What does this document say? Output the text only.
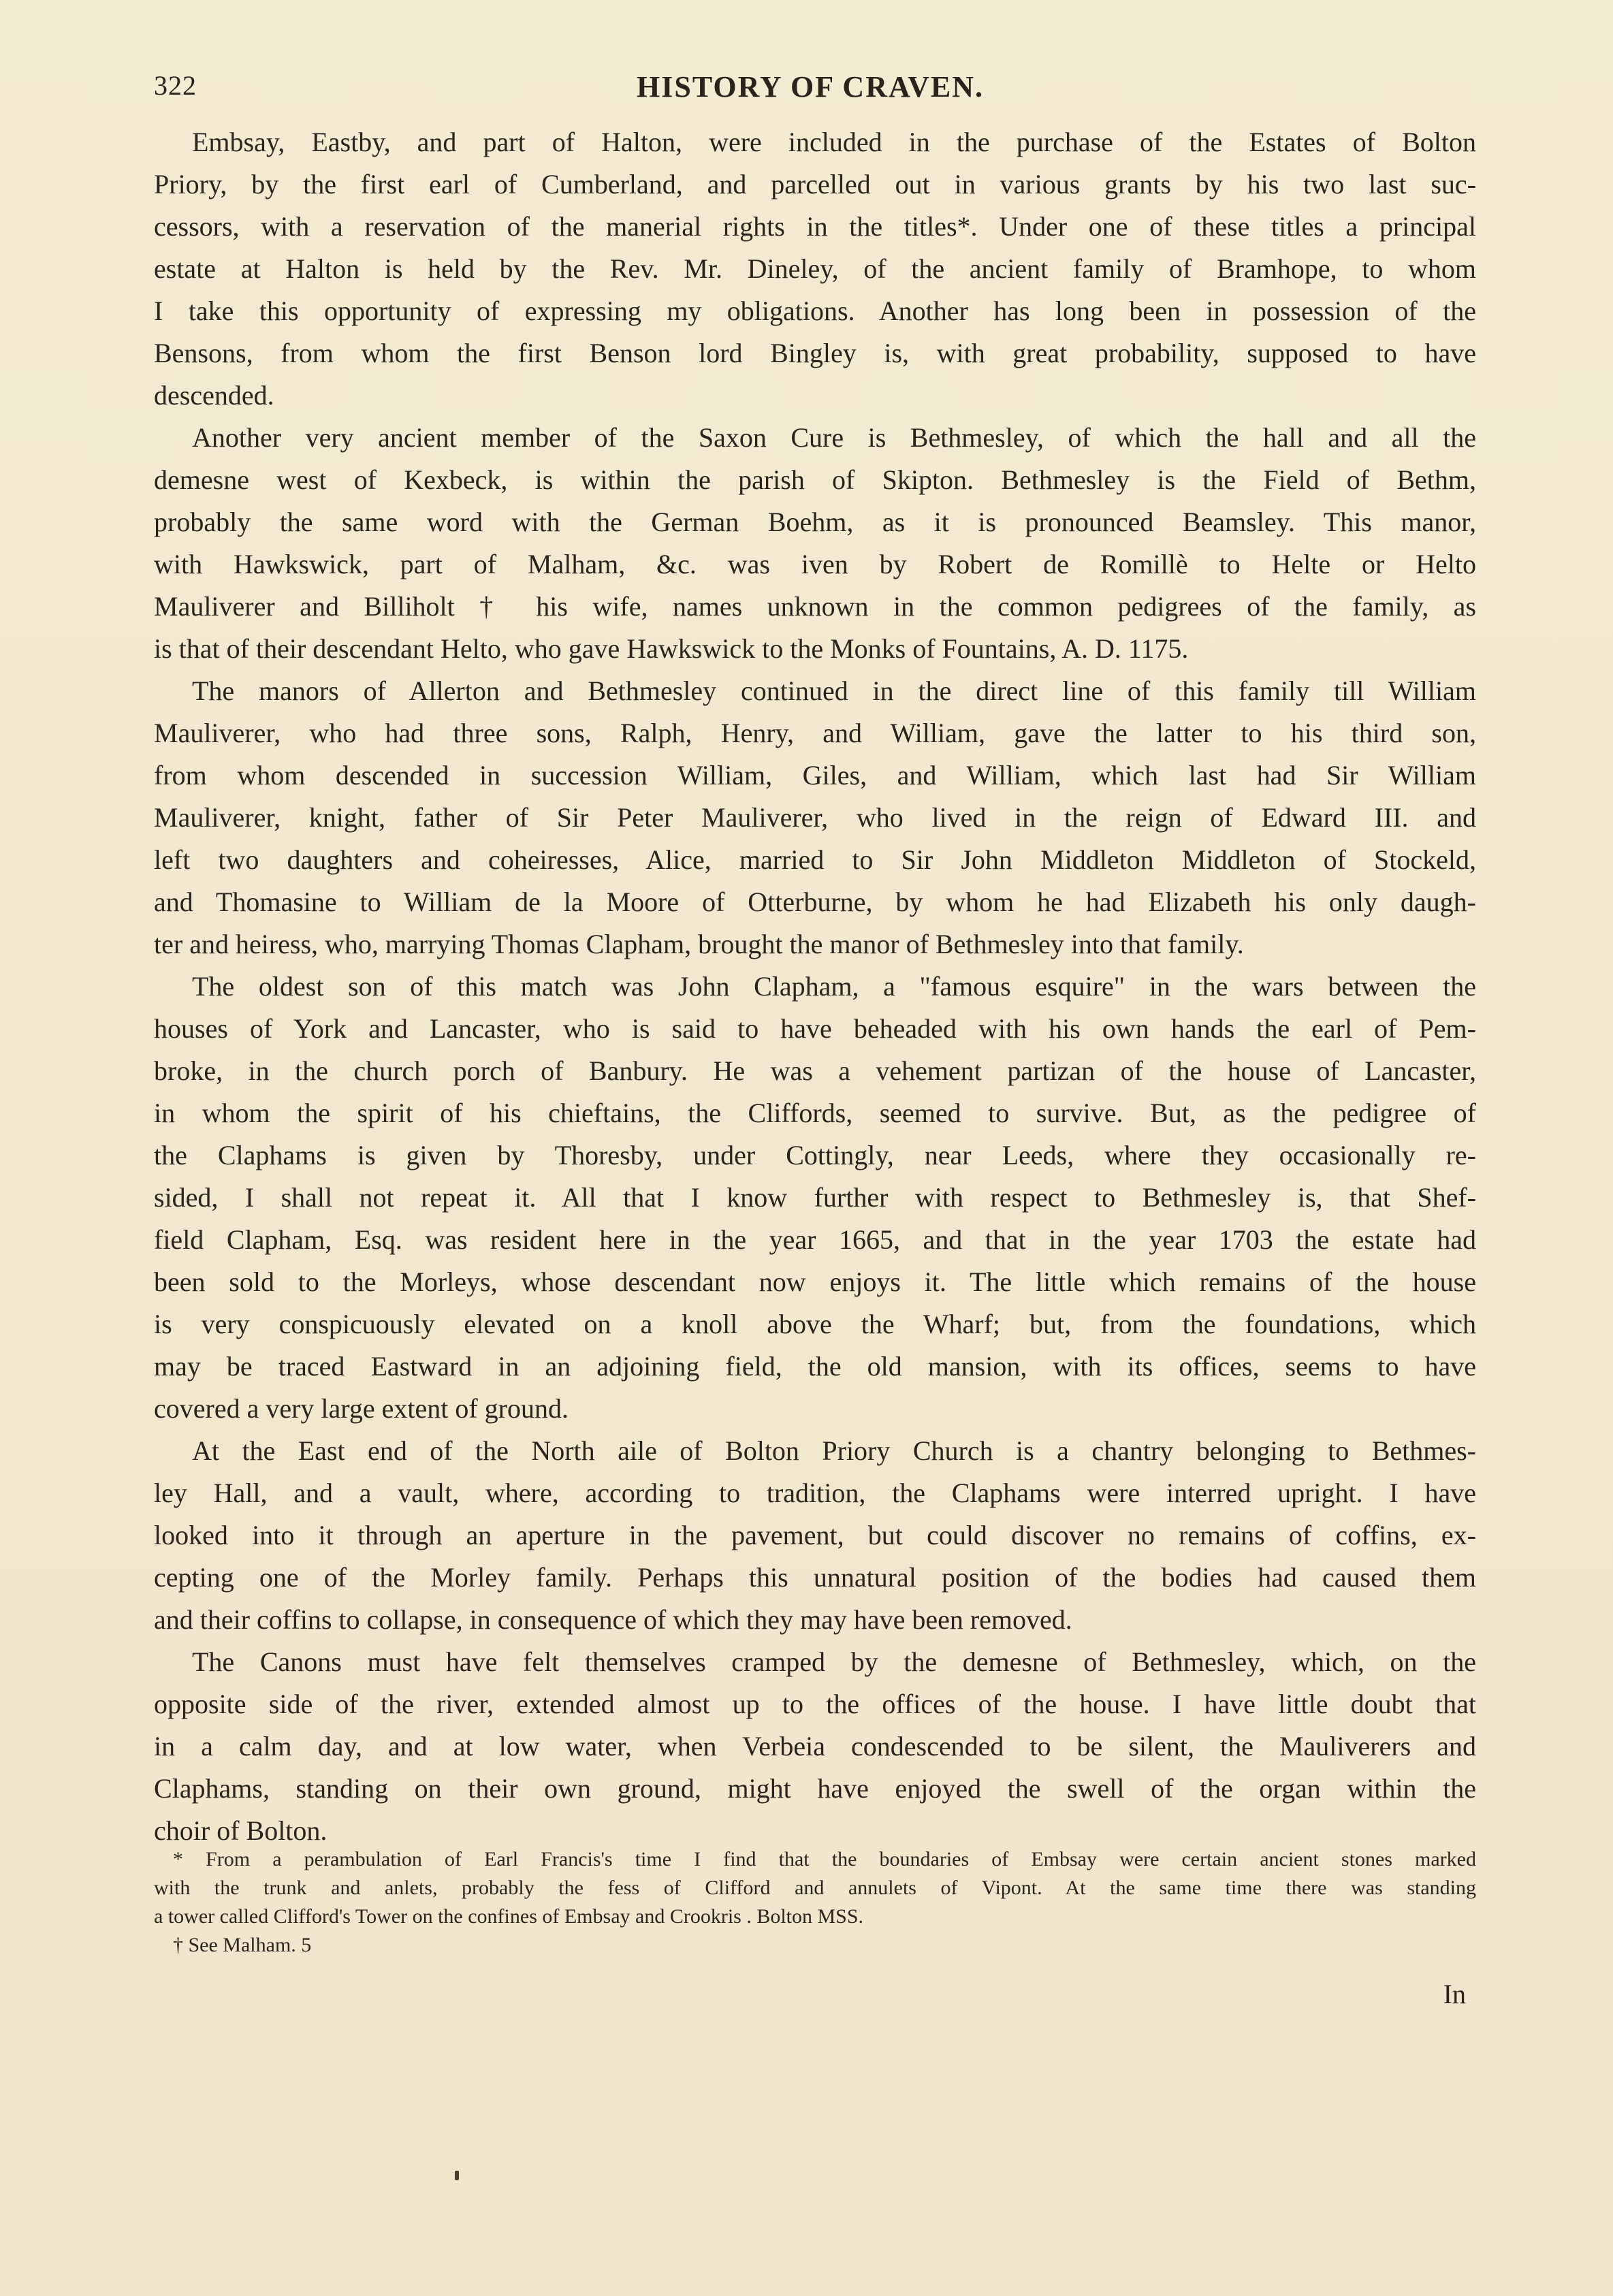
322	HISTORY OF CRAVEN.
Embsay, Eastby, and part of Halton, were included in the purchase of the Estates of Bolton
Priory, by the first earl of Cumberland, and parcelled out in various grants by his two last suc-
cessors, with a reservation of the manerial rights in the titles*. Under one of these titles a principal
estate at Halton is held by the Rev. Mr. Dineley, of the ancient family of Bramhope, to whom
I take this opportunity of expressing my obligations. Another has long been in possession of the
Bensons, from whom the first Benson lord Bingley is, with great probability, supposed to have
descended.
Another very ancient member of the Saxon Cure is Bethmesley, of which the hall and all the
demesne west of Kexbeck, is within the parish of Skipton. Bethmesley is the Field of Bethm,
probably the same word with the German Boehm, as it is pronounced Beamsley. This manor,
with Hawkswick, part of Malham, &c. was iven by Robert de Romillè to Helte or Helto
Mauliverer and Billiholt † his wife, names unknown in the common pedigrees of the family, as
is that of their descendant Helto, who gave Hawkswick to the Monks of Fountains, A. D. 1175.
The manors of Allerton and Bethmesley continued in the direct line of this family till William
Mauliverer, who had three sons, Ralph, Henry, and William, gave the latter to his third son,
from whom descended in succession William, Giles, and William, which last had Sir William
Mauliverer, knight, father of Sir Peter Mauliverer, who lived in the reign of Edward III. and
left two daughters and coheiresses, Alice, married to Sir John Middleton Middleton of Stockeld,
and Thomasine to William de la Moore of Otterburne, by whom he had Elizabeth his only daugh-
ter and heiress, who, marrying Thomas Clapham, brought the manor of Bethmesley into that family.
The oldest son of this match was John Clapham, a "famous esquire" in the wars between the
houses of York and Lancaster, who is said to have beheaded with his own hands the earl of Pem-
broke, in the church porch of Banbury. He was a vehement partizan of the house of Lancaster,
in whom the spirit of his chieftains, the Cliffords, seemed to survive. But, as the pedigree of
the Claphams is given by Thoresby, under Cottingly, near Leeds, where they occasionally re-
sided, I shall not repeat it. All that I know further with respect to Bethmesley is, that Shef-
field Clapham, Esq. was resident here in the year 1665, and that in the year 1703 the estate had
been sold to the Morleys, whose descendant now enjoys it. The little which remains of the house
is very conspicuously elevated on a knoll above the Wharf; but, from the foundations, which
may be traced Eastward in an adjoining field, the old mansion, with its offices, seems to have
covered a very large extent of ground.
At the East end of the North aile of Bolton Priory Church is a chantry belonging to Bethmes-
ley Hall, and a vault, where, according to tradition, the Claphams were interred upright. I have
looked into it through an aperture in the pavement, but could discover no remains of coffins, ex-
cepting one of the Morley family. Perhaps this unnatural position of the bodies had caused them
and their coffins to collapse, in consequence of which they may have been removed.
The Canons must have felt themselves cramped by the demesne of Bethmesley, which, on the
opposite side of the river, extended almost up to the offices of the house. I have little doubt that
in a calm day, and at low water, when Verbeia condescended to be silent, the Mauliverers and
Claphams, standing on their own ground, might have enjoyed the swell of the organ within the
choir of Bolton.
* From a perambulation of Earl Francis's time I find that the boundaries of Embsay were certain ancient stones marked
with the trunk and anlets, probably the fess of Clifford and annulets of Vipont. At the same time there was standing
a tower called Clifford's Tower on the confines of Embsay and Crookris . Bolton MSS.
† See Malham. 5
In
